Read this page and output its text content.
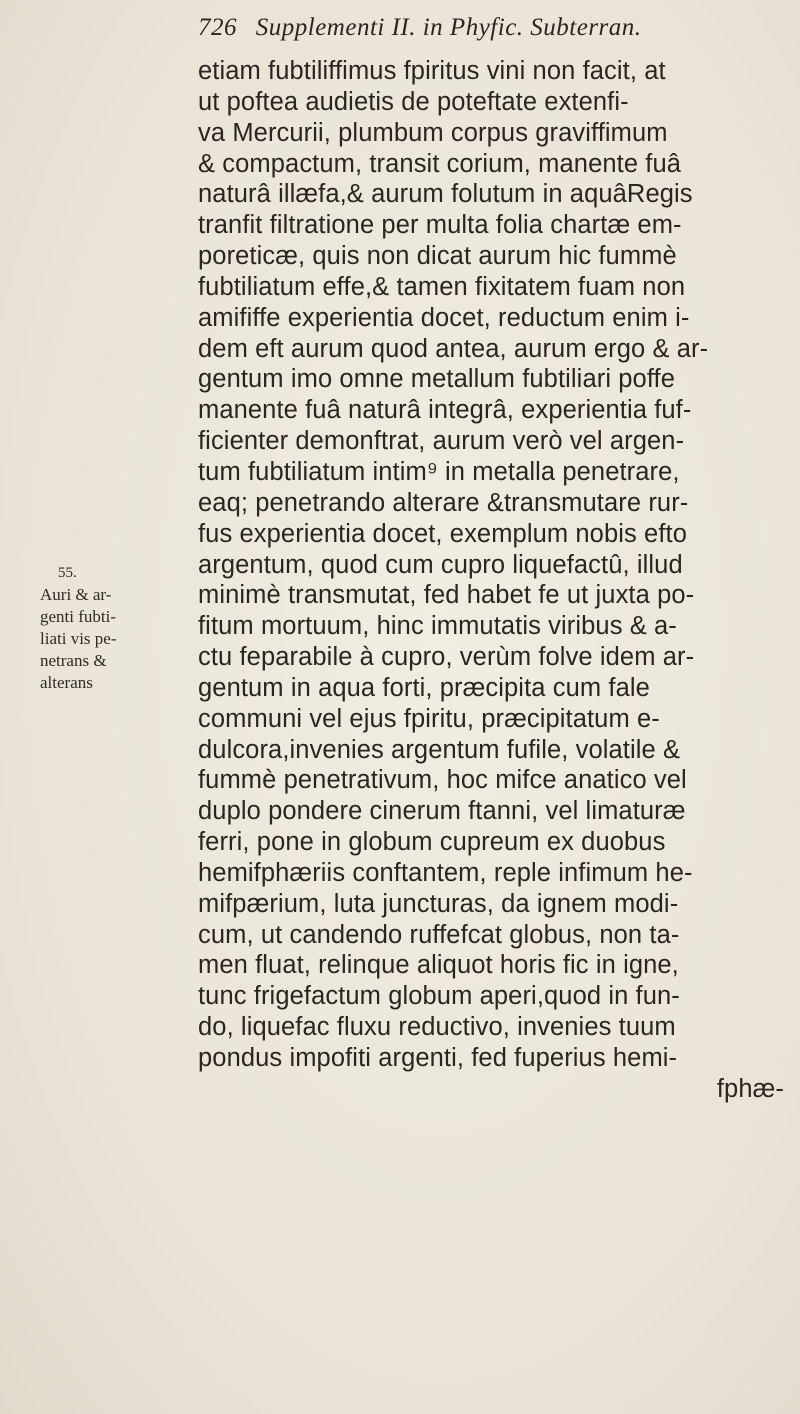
726 Supplementi II. in Phyfic. Subterran.
55.
Auri & ar-
genti fubti-
liati vis pe-
netrans &
alterans
etiam fubtiliffimus fpiritus vini non facit, at
ut poftea audietis de poteftate extenfi-
va Mercurii, plumbum corpus graviffimum
& compactum, transit corium, manente fuâ
naturâ illæfa,& aurum folutum in aquâRegis
tranfit filtratione per multa folia chartæ em-
poreticæ, quis non dicat aurum hic fummè
fubtiliatum effe,& tamen fixitatem fuam non
amififfe experientia docet, reductum enim i-
dem eft aurum quod antea, aurum ergo & ar-
gentum imo omne metallum fubtiliari poffe
manente fuâ naturâ integrâ, experientia fuf-
ficienter demonftrat, aurum verò vel argen-
tum fubtiliatum intim⁹ in metalla penetrare,
eaq; penetrando alterare &transmutare rur-
fus experientia docet, exemplum nobis efto
argentum, quod cum cupro liquefactû, illud
minimè transmutat, fed habet fe ut juxta po-
fitum mortuum, hinc immutatis viribus & a-
ctu feparabile à cupro, verùm folve idem ar-
gentum in aqua forti, præcipita cum fale
communi vel ejus fpiritu, præcipitatum e-
dulcora,invenies argentum fufile, volatile &
fummè penetrativum, hoc mifce anatico vel
duplo pondere cinerum ftanni, vel limaturæ
ferri, pone in globum cupreum ex duobus
hemifphæriis conftantem, reple infimum he-
mifpærium, luta juncturas, da ignem modi-
cum, ut candendo ruffefcat globus, non ta-
men fluat, relinque aliquot horis fic in igne,
tunc frigefactum globum aperi,quod in fun-
do, liquefac fluxu reductivo, invenies tuum
pondus impofiti argenti, fed fuperius hemi-
fphæ-
